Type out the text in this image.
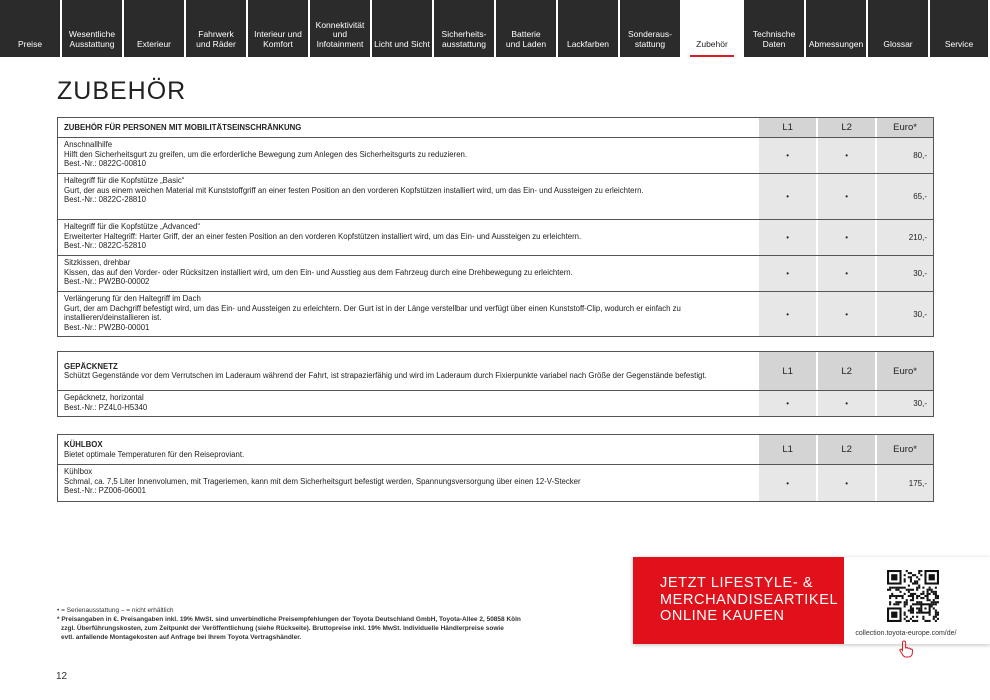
Preise
Wesentliche
Ausstattung	Exterieur
Fahrwerk
und Räder
Interieur und
Komfort
Konnektivität
und
Infotainment Licht und Sicht
Sicherheits-
ausstattung
Batterie
und Laden Lackfarben
Sonderaus-
stattung	Zubehör
Technische
Daten	Abmessungen Glossar	Service
ZUBEHÖR
ZUBEHÖR FÜR PERSONEN MIT MOBILITÄTSEINSCHRÄNKUNG	L1	L2	Euro*
Anschnallhilfe
Hilft den Sicherheitsgurt zu greifen, um die erforderliche Bewegung zum Anlegen des Sicherheitsgurts zu reduzieren.
Best.-Nr.: 0822C-00810
•	•	80,-
Haltegriff für die Kopfstütze „Basic“
Gurt, der aus einem weichen Material mit Kunststoffgriff an einer festen Position an den vorderen Kopfstützen installiert wird, um das Ein- und Aussteigen zu erleichtern.
Best.-Nr.: 0822C-28810	•	•	65,-
Haltegriff für die Kopfstütze „Advanced“
Erweiterter Haltegriff: Harter Griff, der an einer festen Position an den vorderen Kopfstützen installiert wird, um das Ein- und Aussteigen zu erleichtern.
Best.-Nr.: 0822C-52810
•	•	210,-
Sitzkissen, drehbar
Kissen, das auf den Vorder- oder Rücksitzen installiert wird, um den Ein- und Ausstieg aus dem Fahrzeug durch eine Drehbewegung zu erleichtern.
Best.-Nr.: PW2B0-00002
•	•	30,-
Verlängerung für den Haltegriff im Dach
Gurt, der am Dachgriff befestigt wird, um das Ein- und Aussteigen zu erleichtern. Der Gurt ist in der Länge verstellbar und verfügt über einen Kunststoff-Clip, wodurch er einfach zu installieren/deinstallieren ist.
Best.-Nr.: PW2B0-00001
•	•	30,-
GEPÄCKNETZ
Schützt Gegenstände vor dem Verrutschen im Laderaum während der Fahrt, ist strapazierfähig und wird im Laderaum durch Fixierpunkte variabel nach Größe der Gegenstände befestigt.	L1	L2	Euro*
Gepäcknetz, horizontal
Best.-Nr.: PZ4L0-H5340	•	•	30,-
KÜHLBOX
Bietet optimale Temperaturen für den Reiseproviant.	L1	L2	Euro*
Kühlbox
Schmal, ca. 7,5 Liter Innenvolumen, mit Trageriemen, kann mit dem Sicherheitsgurt befestigt werden, Spannungsversorgung über einen 12-V-Stecker
Best.-Nr.: PZ006-06001
•	•	175,-
• = Serienausstattung – = nicht erhältlich
* Preisangaben in €. Preisangaben inkl. 19% MwSt. sind unverbindliche Preisempfehlungen der Toyota Deutschland GmbH, Toyota-Allee 2, 50858 Köln
zzgl. Überführungskosten, zum Zeitpunkt der Veröffentlichung (siehe Rückseite). Bruttopreise inkl. 19% MwSt. Individuelle Händlerpreise sowie
evtl. anfallende Montagekosten auf Anfrage bei Ihrem Toyota Vertragshändler.
12
JETZT LIFESTYLE- &
MERCHANDISEARTIKEL
ONLINE KAUFEN
collection.toyota-europe.com/de/
